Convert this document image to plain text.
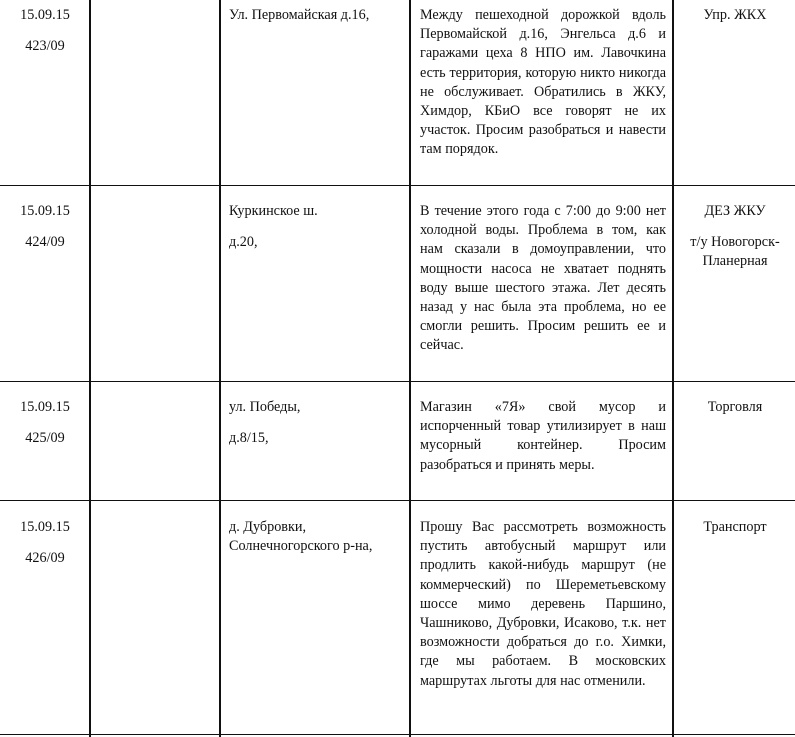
15.09.15
423/09
Ул. Первомайская д.16,	Между пешеходной дорожкой вдоль Первомайской д.16, Энгельса д.6 и гаражами цеха 8 НПО им. Лавочкина есть территория, которую никто никогда не обслуживает. Обратились в ЖКУ, Химдор, КБиО все говорят не их участок. Просим разобраться и навести там порядок.

Упр. ЖКХ
15.09.15
424/09
Куркинское ш.
д.20,

В течение этого года с 7:00 до 9:00 нет холодной воды. Проблема в том, как нам сказали в домоуправлении, что мощности насоса не хватает поднять воду выше шестого этажа. Лет десять назад у нас была эта проблема, но ее смогли решить. Просим решить ее и сейчас.

ДЕЗ ЖКУ
т/у Новогорск-Планерная
15.09.15
425/09
ул. Победы,
д.8/15,

Магазин «7Я» свой мусор и испорченный товар утилизирует в наш мусорный контейнер. Просим разобраться и принять меры.

Торговля
15.09.15
426/09
д. Дубровки, Солнечногорского р-на,

Прошу Вас рассмотреть возможность пустить автобусный маршрут или продлить какой-нибудь маршрут (не коммерческий) по Шереметьевскому шоссе мимо деревень Паршино, Чашниково, Дубровки, Исаково, т.к. нет возможности добраться до г.о. Химки, где мы работаем. В московских маршрутах льготы для нас отменили.

Транспорт
